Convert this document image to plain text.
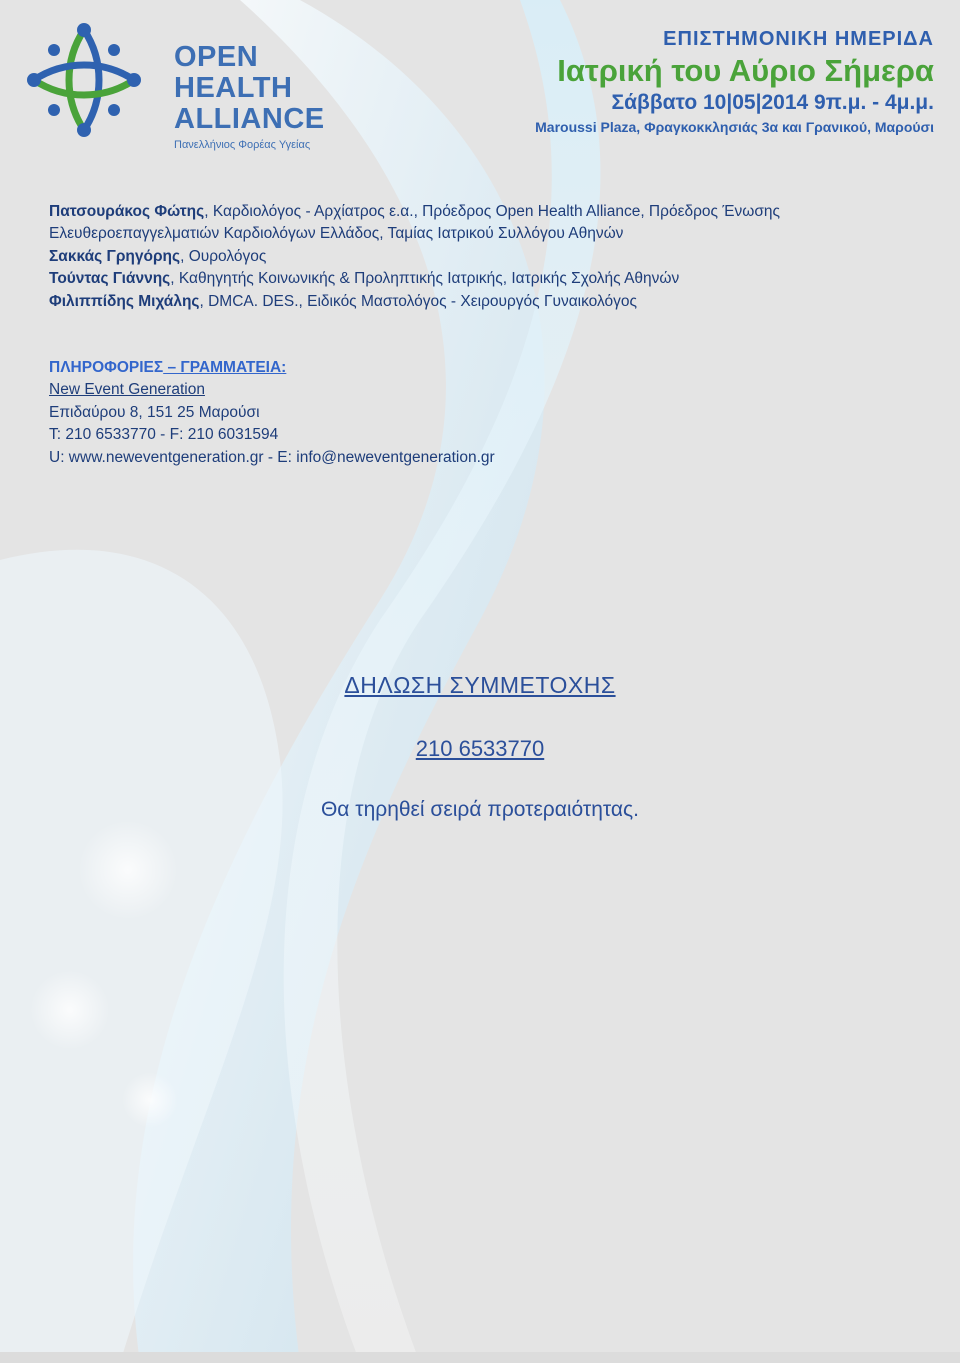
OPEN
HEALTH
ALLIANCE
Πανελλήνιος Φορέας Υγείας
ΕΠΙΣΤΗΜΟΝΙΚΗ ΗΜΕΡΙΔΑ
Ιατρική του Αύριο Σήμερα
Σάββατο 10|05|2014 9π.μ. - 4μ.μ.
Maroussi Plaza, Φραγκοκκλησιάς 3α και Γρανικού, Μαρούσι
Πατσουράκος Φώτης, Καρδιολόγος - Αρχίατρος ε.α., Πρόεδρος Open Health Alliance, Πρόεδρος Ένωσης Ελευθεροεπαγγελματιών Καρδιολόγων Ελλάδος, Ταμίας Ιατρικού Συλλόγου Αθηνών
Σακκάς Γρηγόρης, Ουρολόγος
Τούντας Γιάννης, Καθηγητής Κοινωνικής & Προληπτικής Ιατρικής, Ιατρικής Σχολής Αθηνών
Φιλιππίδης Μιχάλης, DMCA. DES., Ειδικός Μαστολόγος - Χειρουργός Γυναικολόγος
ΠΛΗΡΟΦΟΡΙΕΣ – ΓΡΑΜΜΑΤΕΙΑ:
New Event Generation
Επιδαύρου 8, 151 25 Μαρούσι
T: 210 6533770 - F: 210 6031594
U: www.neweventgeneration.gr - E: info@neweventgeneration.gr
ΔΗΛΩΣΗ ΣΥΜΜΕΤΟΧΗΣ
210 6533770
Θα τηρηθεί σειρά προτεραιότητας.
